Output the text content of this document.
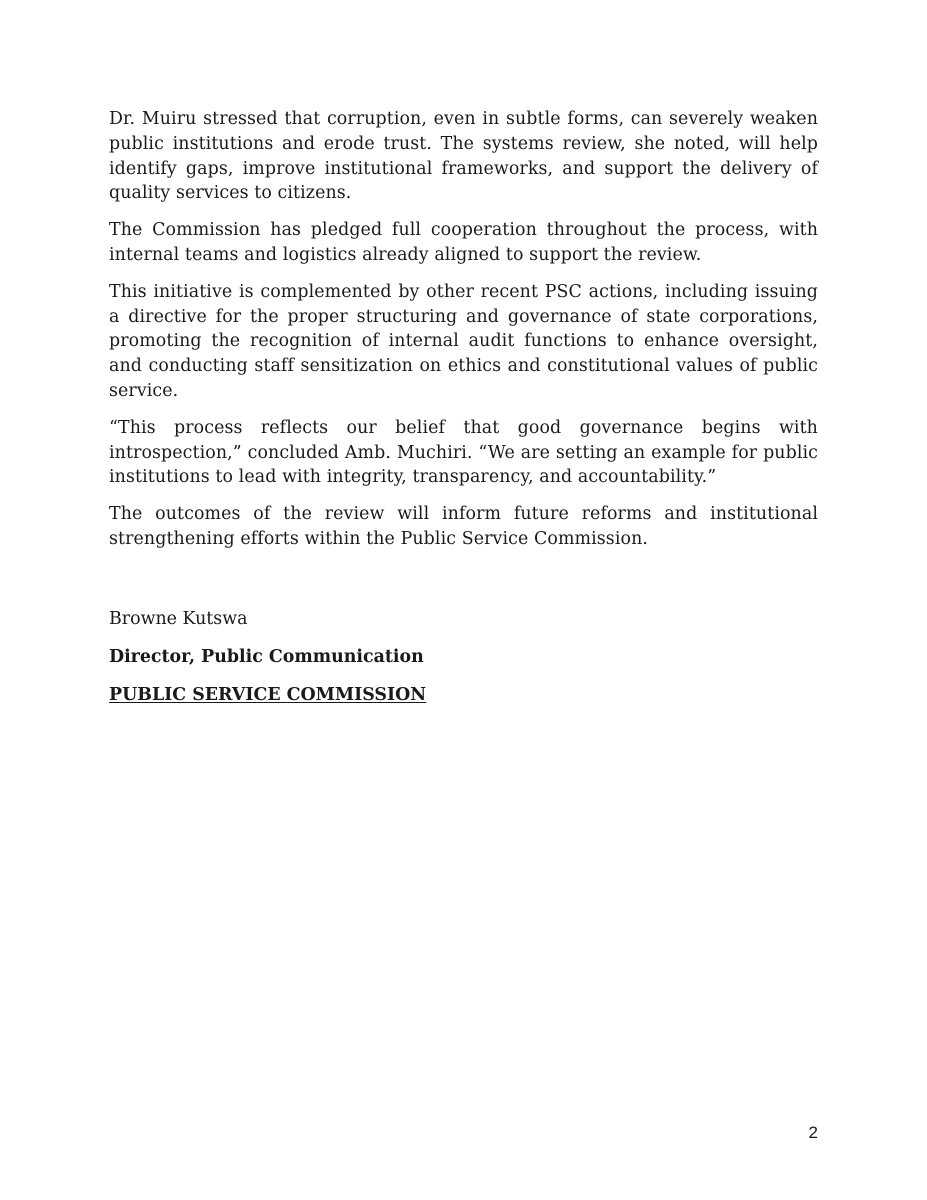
Dr. Muiru stressed that corruption, even in subtle forms, can severely weaken public institutions and erode trust. The systems review, she noted, will help identify gaps, improve institutional frameworks, and support the delivery of quality services to citizens.

The Commission has pledged full cooperation throughout the process, with internal teams and logistics already aligned to support the review.

This initiative is complemented by other recent PSC actions, including issuing a directive for the proper structuring and governance of state corporations, promoting the recognition of internal audit functions to enhance oversight, and conducting staff sensitization on ethics and constitutional values of public service.

“This process reflects our belief that good governance begins with introspection,” concluded Amb. Muchiri. “We are setting an example for public institutions to lead with integrity, transparency, and accountability.”

The outcomes of the review will inform future reforms and institutional strengthening efforts within the Public Service Commission.

Browne Kutswa

Director, Public Communication

PUBLIC SERVICE COMMISSION

2
